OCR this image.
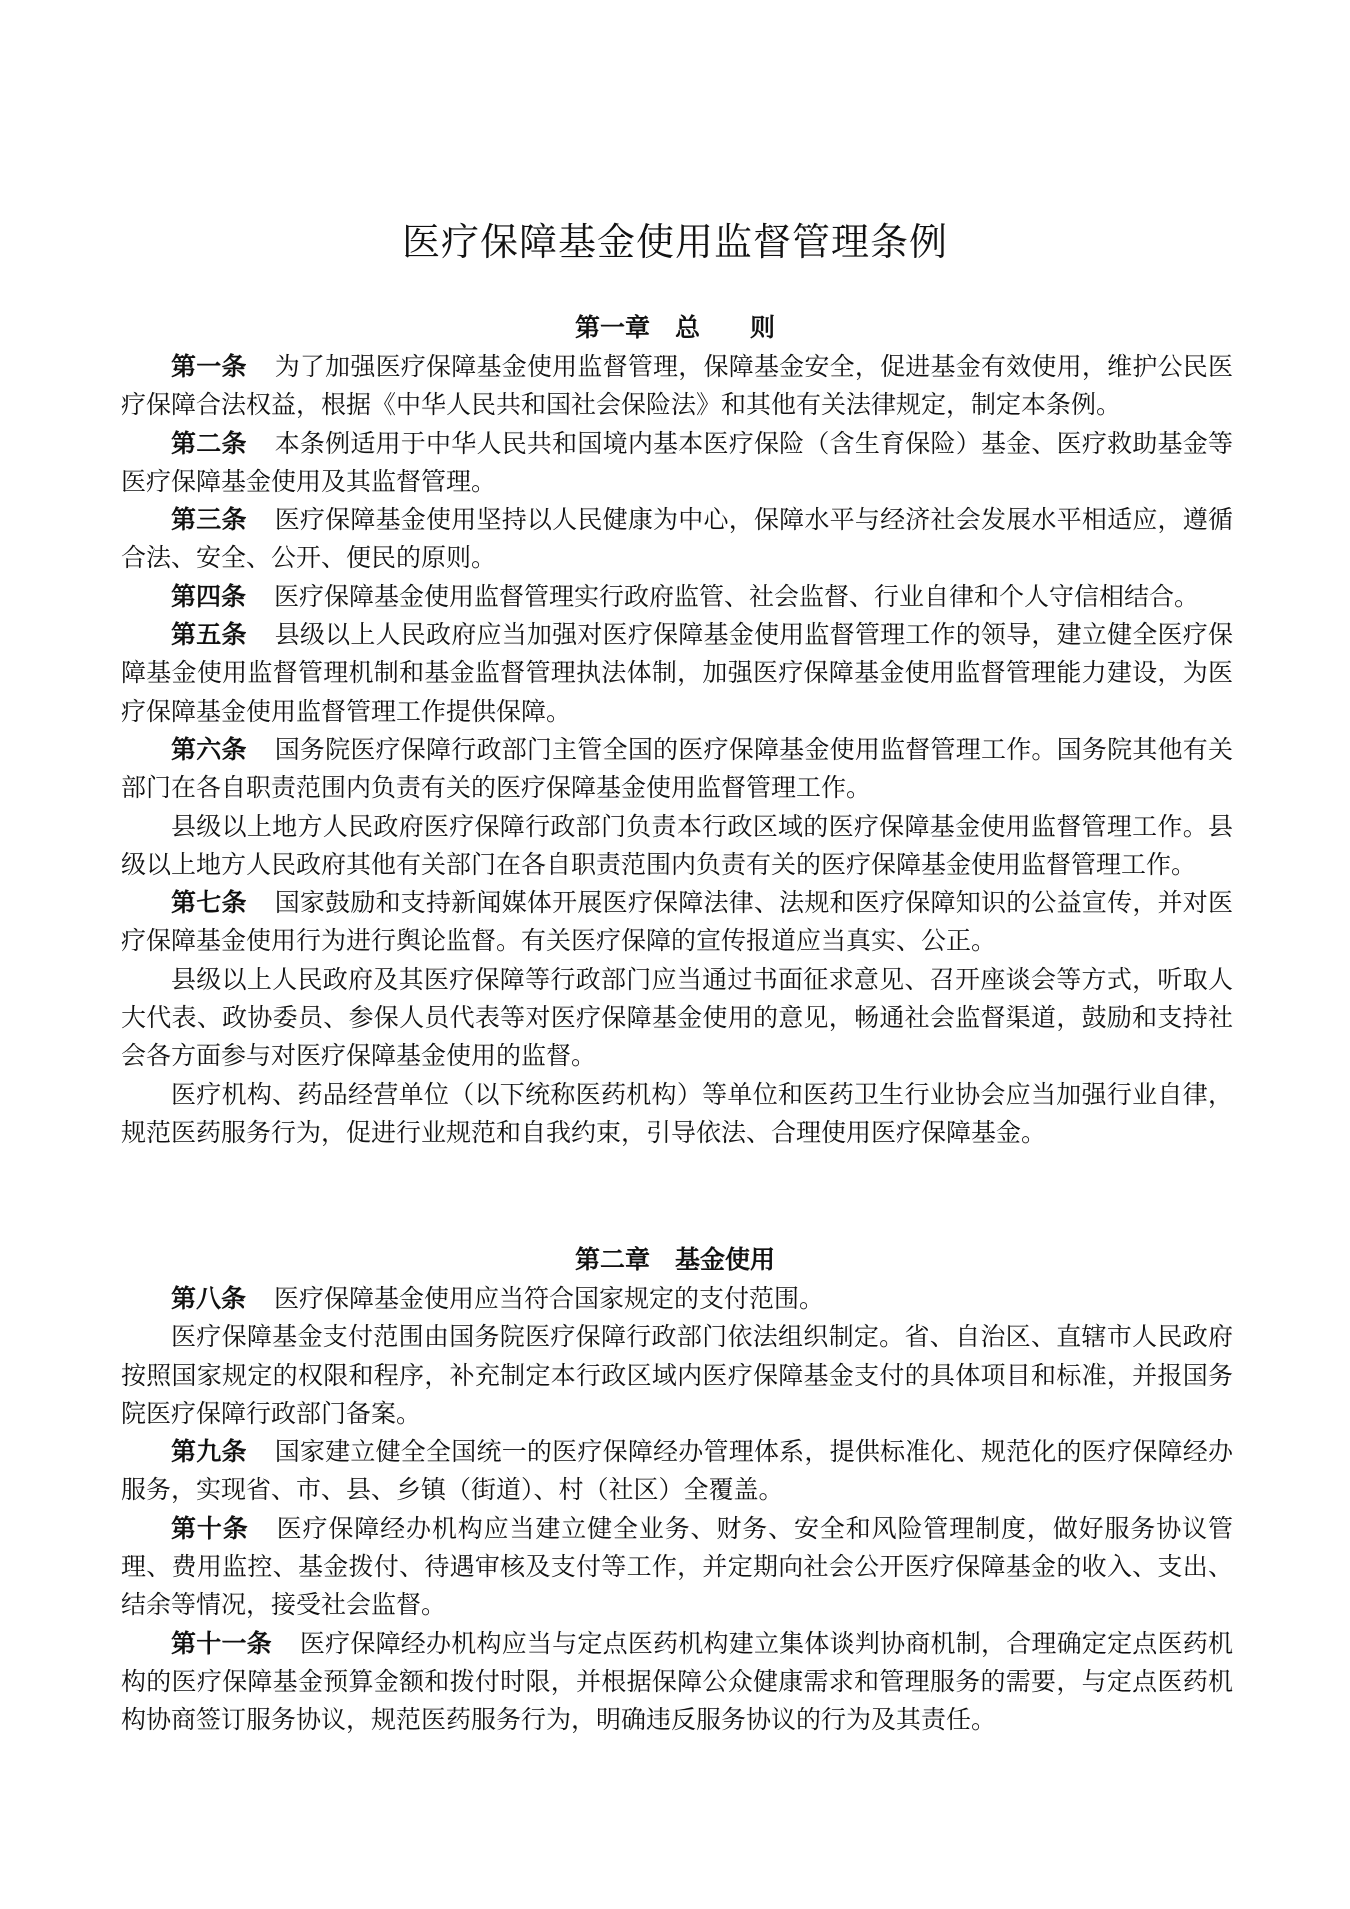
医疗保障基金使用监督管理条例
第一章　总　　则

第一条 为了加强医疗保障基金使用监督管理，保障基金安全，促进基金有效使用，维护公民医疗保障合法权益，根据《中华人民共和国社会保险法》和其他有关法律规定，制定本条例。

第二条 本条例适用于中华人民共和国境内基本医疗保险（含生育保险）基金、医疗救助基金等医疗保障基金使用及其监督管理。

第三条 医疗保障基金使用坚持以人民健康为中心，保障水平与经济社会发展水平相适应，遵循合法、安全、公开、便民的原则。

第四条 医疗保障基金使用监督管理实行政府监管、社会监督、行业自律和个人守信相结合。

第五条 县级以上人民政府应当加强对医疗保障基金使用监督管理工作的领导，建立健全医疗保障基金使用监督管理机制和基金监督管理执法体制，加强医疗保障基金使用监督管理能力建设，为医疗保障基金使用监督管理工作提供保障。

第六条 国务院医疗保障行政部门主管全国的医疗保障基金使用监督管理工作。国务院其他有关部门在各自职责范围内负责有关的医疗保障基金使用监督管理工作。

县级以上地方人民政府医疗保障行政部门负责本行政区域的医疗保障基金使用监督管理工作。县级以上地方人民政府其他有关部门在各自职责范围内负责有关的医疗保障基金使用监督管理工作。

第七条 国家鼓励和支持新闻媒体开展医疗保障法律、法规和医疗保障知识的公益宣传，并对医疗保障基金使用行为进行舆论监督。有关医疗保障的宣传报道应当真实、公正。

县级以上人民政府及其医疗保障等行政部门应当通过书面征求意见、召开座谈会等方式，听取人大代表、政协委员、参保人员代表等对医疗保障基金使用的意见，畅通社会监督渠道，鼓励和支持社会各方面参与对医疗保障基金使用的监督。

医疗机构、药品经营单位（以下统称医药机构）等单位和医药卫生行业协会应当加强行业自律，规范医药服务行为，促进行业规范和自我约束，引导依法、合理使用医疗保障基金。

第二章　基金使用

第八条 医疗保障基金使用应当符合国家规定的支付范围。

医疗保障基金支付范围由国务院医疗保障行政部门依法组织制定。省、自治区、直辖市人民政府按照国家规定的权限和程序，补充制定本行政区域内医疗保障基金支付的具体项目和标准，并报国务院医疗保障行政部门备案。

第九条 国家建立健全全国统一的医疗保障经办管理体系，提供标准化、规范化的医疗保障经办服务，实现省、市、县、乡镇（街道）、村（社区）全覆盖。

第十条 医疗保障经办机构应当建立健全业务、财务、安全和风险管理制度，做好服务协议管理、费用监控、基金拨付、待遇审核及支付等工作，并定期向社会公开医疗保障基金的收入、支出、结余等情况，接受社会监督。

第十一条 医疗保障经办机构应当与定点医药机构建立集体谈判协商机制，合理确定定点医药机构的医疗保障基金预算金额和拨付时限，并根据保障公众健康需求和管理服务的需要，与定点医药机构协商签订服务协议，规范医药服务行为，明确违反服务协议的行为及其责任。
